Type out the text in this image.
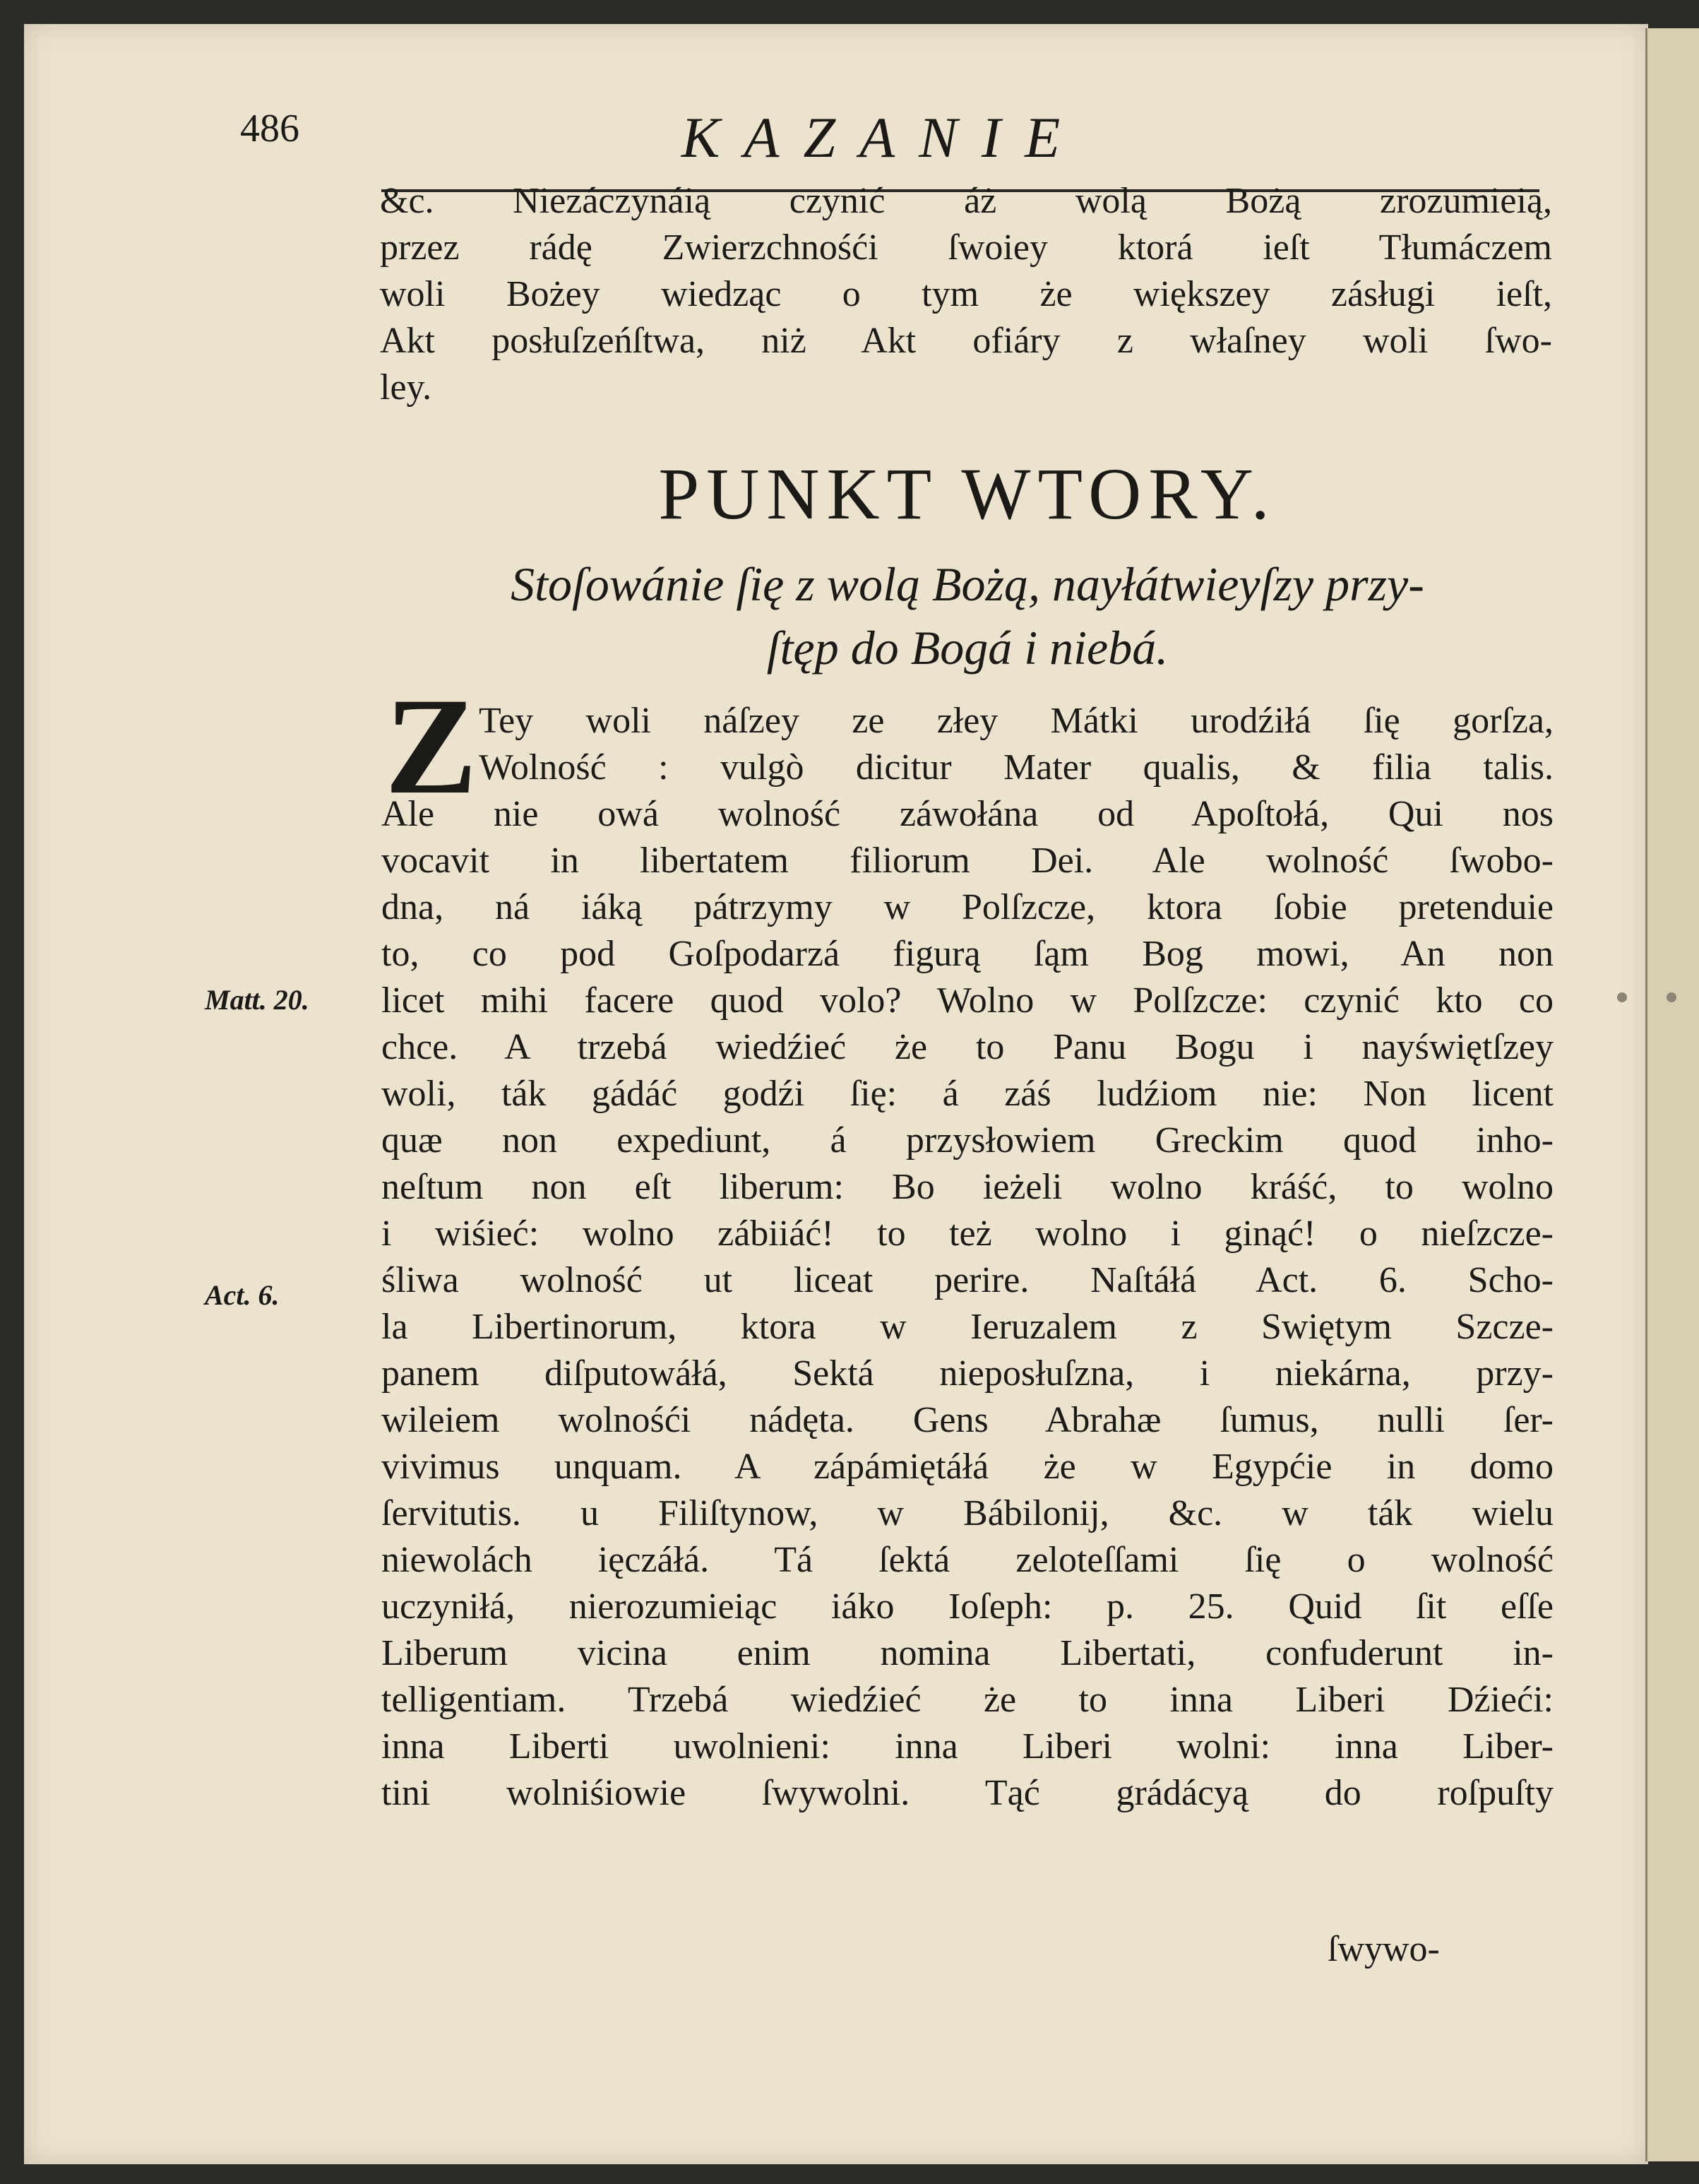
486	KAZANIE
&c. Niezáczynáią czynić áż wolą Bożą zrozumieią,
przez rádę Zwierzchnośći ſwoiey ktorá ieſt Tłumáczem
woli Bożey wiedząc o tym że większey zásługi ieſt,
Akt posłuſzeńſtwa, niż Akt ofiáry z właſney woli ſwo-
ley.
PUNKT WTORY.
Stoſowánie ſię z wolą Bożą, nayłátwieyſzy przy-
ſtęp do Bogá i niebá.
Z Tey woli náſzey ze złey Mátki urodźiłá ſię gorſza,
Wolność : vulgò dicitur Mater qualis, & filia talis.
Ale nie owá wolność záwołána od Apoſtołá, Qui nos
vocavit in libertatem filiorum Dei. Ale wolność ſwobo-
dna, ná iáką pátrzymy w Polſzcze, ktora ſobie pretenduie
to, co pod Goſpodarzá figurą ſąm Bog mowi, An non
licet mihi facere quod volo? Wolno w Polſzcze: czynić kto co
chce. A trzebá wiedźieć że to Panu Bogu i nayświętſzey
woli, ták gádáć godźi ſię: á záś ludźiom nie: Non licent
quæ non expediunt, á przysłowiem Greckim quod inho-
neſtum non eſt liberum: Bo ieżeli wolno kráść, to wolno
i wiśieć: wolno zábiiáć! to też wolno i ginąć! o nieſzcze-
śliwa wolność ut liceat perire. Naſtáłá Act. 6. Scho-
la Libertinorum, ktora w Ieruzalem z Swiętym Szcze-
panem diſputowáłá, Sektá nieposłuſzna, i niekárna, przy-
wileiem wolnośći nádęta. Gens Abrahæ ſumus, nulli ſer-
vivimus unquam. A zápámiętáłá że w Egypćie in domo
ſervitutis. u Filiſtynow, w Bábilonij, &c. w ták wielu
niewolách ięczáłá. Tá ſektá zeloteſſami ſię o wolność
uczyniłá, nierozumieiąc iáko Ioſeph: p. 25. Quid ſit eſſe
Liberum vicina enim nomina Libertati, confuderunt in-
telligentiam. Trzebá wiedźieć że to inna Liberi Dźieći:
inna Liberti uwolnieni: inna Liberi wolni: inna Liber-
tini wolniśiowie ſwywolni. Tąć grádácyą do roſpuſty
ſwywo-
Matt. 20.
Act. 6.
